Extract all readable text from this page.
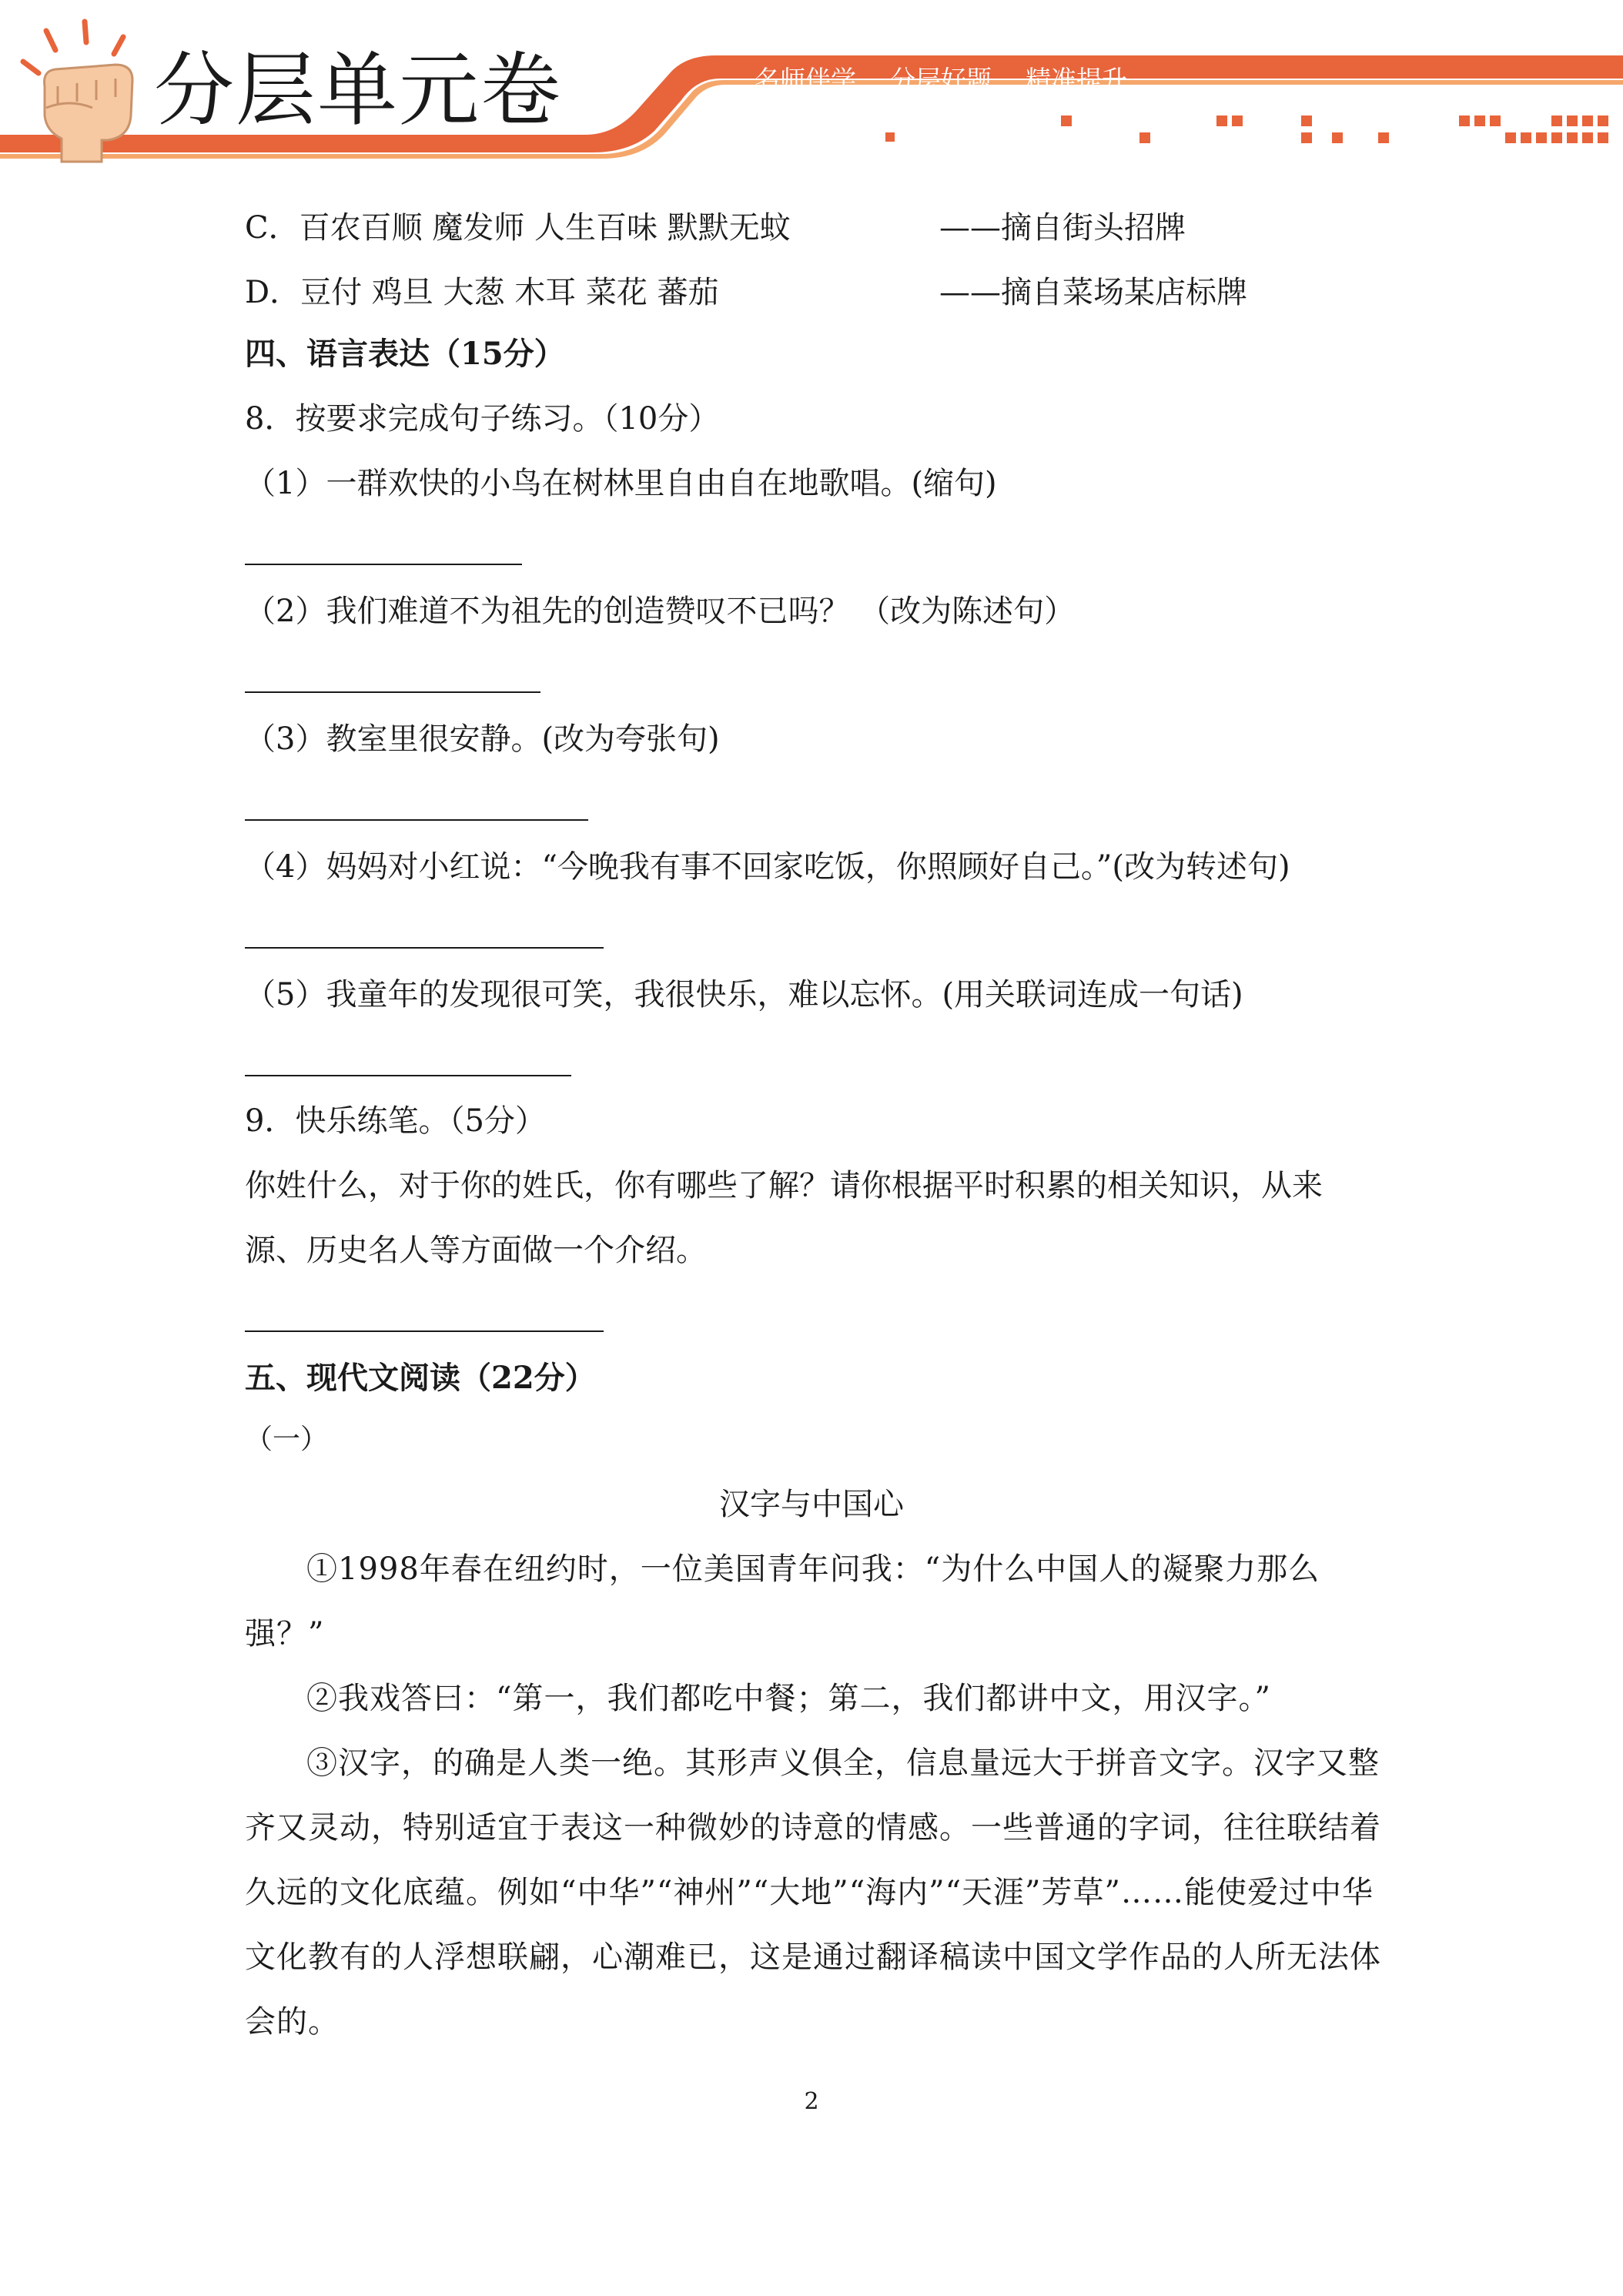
分层单元卷	名师伴学 分层好题 精准提升
C．百农百顺 魔发师 人生百味 默默无蚊	——摘自街头招牌
D．豆付 鸡旦 大葱 木耳 菜花 蕃茄	——摘自菜场某店标牌
四、语言表达（15分）
8．按要求完成句子练习。（10分）
（1）一群欢快的小鸟在树林里自由自在地歌唱。(缩句)
（2）我们难道不为祖先的创造赞叹不已吗？ （改为陈述句）
（3）教室里很安静。(改为夸张句)
（4）妈妈对小红说：“今晚我有事不回家吃饭，你照顾好自己。”(改为转述句)
（5）我童年的发现很可笑，我很快乐，难以忘怀。(用关联词连成一句话)
9．快乐练笔。（5分）
你姓什么，对于你的姓氏，你有哪些了解？请你根据平时积累的相关知识，从来
源、历史名人等方面做一个介绍。
五、现代文阅读（22分）
（一）
汉字与中国心
①1998年春在纽约时，一位美国青年问我：“为什么中国人的凝聚力那么强？”
②我戏答曰：“第一，我们都吃中餐；第二，我们都讲中文，用汉字。”
③汉字，的确是人类一绝。其形声义俱全，信息量远大于拼音文字。汉字又整齐又灵动，特别适宜于表这一种微妙的诗意的情感。一些普通的字词，往往联结着久远的文化底蕴。例如“中华”“神州”“大地”“海内”“天涯”芳草”……能使爱过中华文化教有的人浮想联翩，心潮难已，这是通过翻译稿读中国文学作品的人所无法体会的。
2
